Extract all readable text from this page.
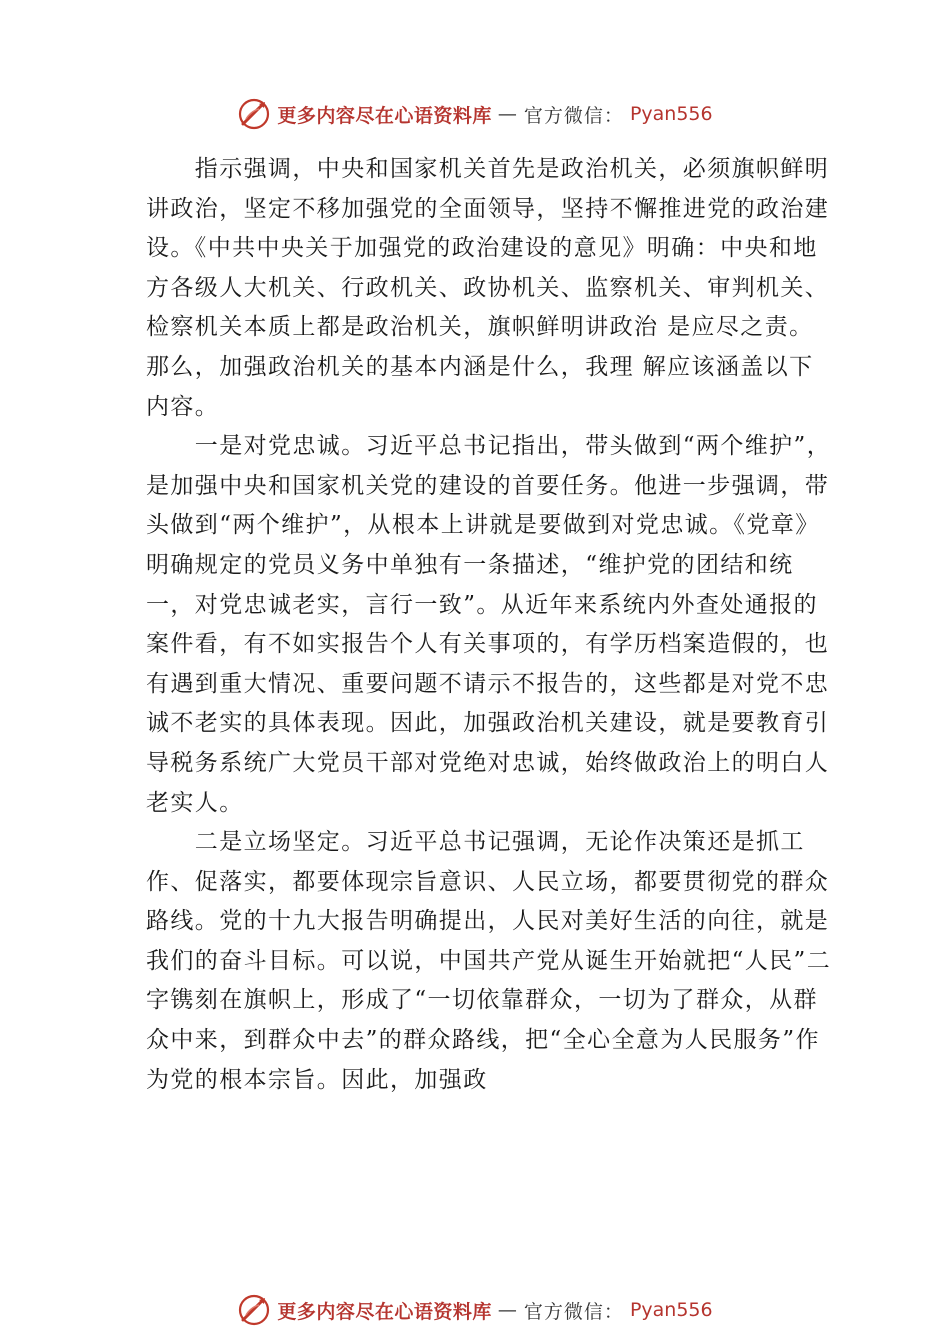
更多内容尽在心语资料库 — 官方微信： Pyan556

　　指示强调，中央和国家机关首先是政治机关，必须旗帜鲜明讲政治，坚定不移加强党的全面领导，坚持不懈推进党的政治建设。《中共中央关于加强党的政治建设的意见》明确：中央和地方各级人大机关、行政机关、政协机关、监察机关、审判机关、检察机关本质上都是政治机关，旗帜鲜明讲政治 是应尽之责。那么，加强政治机关的基本内涵是什么，我理 解应该涵盖以下内容。

　　一是对党忠诚。习近平总书记指出，带头做到“两个维护”，是加强中央和国家机关党的建设的首要任务。他进一步强调，带头做到“两个维护”，从根本上讲就是要做到对党忠诚。《党章》明确规定的党员义务中单独有一条描述，“维护党的团结和统一，对党忠诚老实，言行一致”。从近年来系统内外查处通报的案件看，有不如实报告个人有关事项的，有学历档案造假的，也有遇到重大情况、重要问题不请示不报告的，这些都是对党不忠诚不老实的具体表现。因此，加强政治机关建设，就是要教育引导税务系统广大党员干部对党绝对忠诚，始终做政治上的明白人老实人。

　　二是立场坚定。习近平总书记强调，无论作决策还是抓工作、促落实，都要体现宗旨意识、人民立场，都要贯彻党的群众路线。党的十九大报告明确提出，人民对美好生活的向往，就是我们的奋斗目标。可以说，中国共产党从诞生开始就把“人民”二字镌刻在旗帜上，形成了“一切依靠群众，一切为了群众，从群众中来，到群众中去”的群众路线，把“全心全意为人民服务”作为党的根本宗旨。因此，加强政

更多内容尽在心语资料库 — 官方微信： Pyan556
